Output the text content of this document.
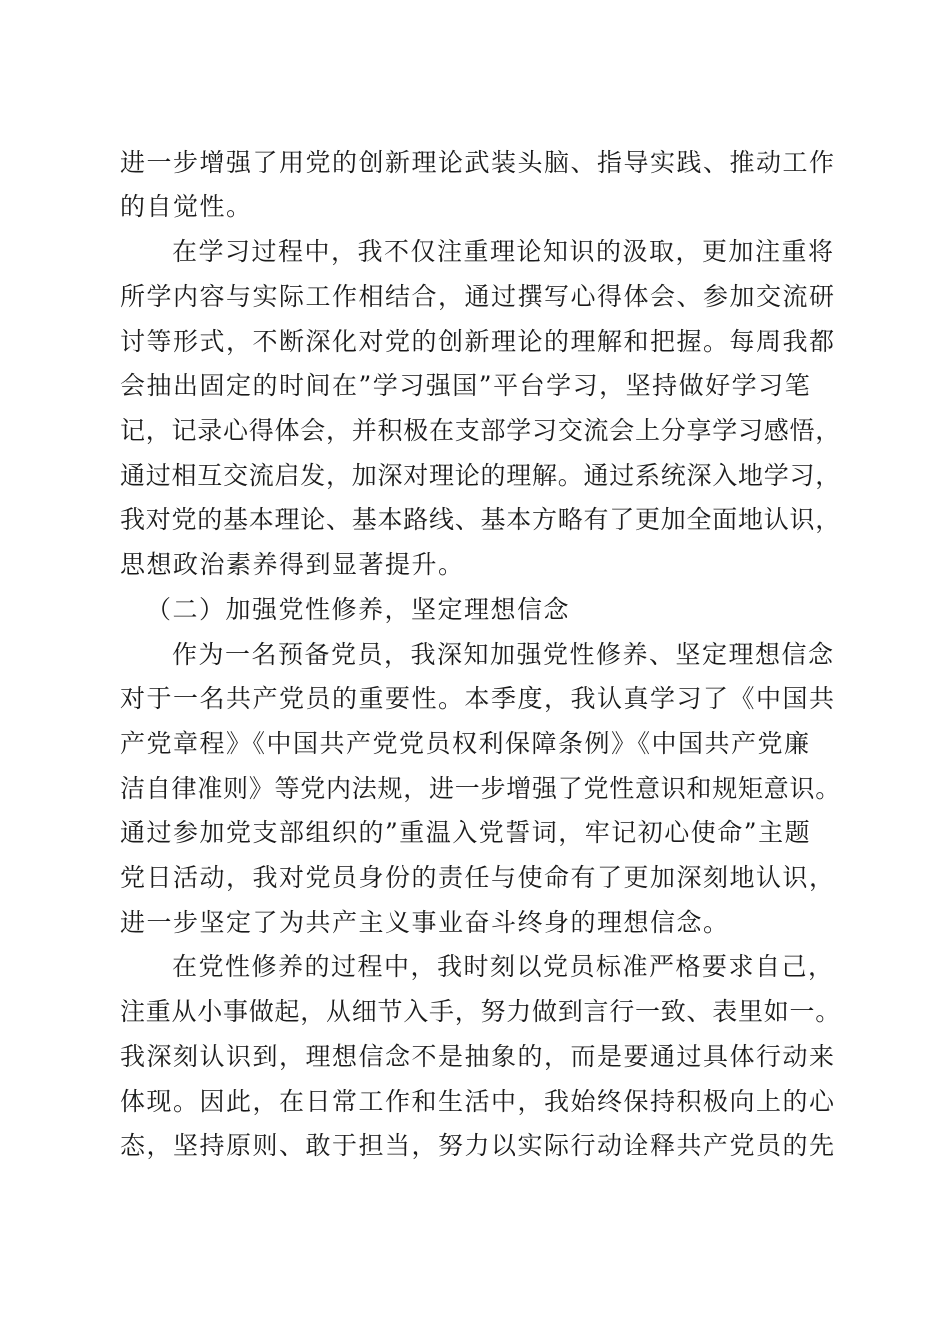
进一步增强了用党的创新理论武装头脑、指导实践、推动工作
的自觉性。
在学习过程中，我不仅注重理论知识的汲取，更加注重将
所学内容与实际工作相结合，通过撰写心得体会、参加交流研
讨等形式，不断深化对党的创新理论的理解和把握。每周我都
会抽出固定的时间在”学习强国”平台学习，坚持做好学习笔
记，记录心得体会，并积极在支部学习交流会上分享学习感悟，
通过相互交流启发，加深对理论的理解。通过系统深入地学习，
我对党的基本理论、基本路线、基本方略有了更加全面地认识，
思想政治素养得到显著提升。
（二）加强党性修养，坚定理想信念
作为一名预备党员，我深知加强党性修养、坚定理想信念
对于一名共产党员的重要性。本季度，我认真学习了《中国共
产党章程》《中国共产党党员权利保障条例》《中国共产党廉
洁自律准则》等党内法规，进一步增强了党性意识和规矩意识。
通过参加党支部组织的”重温入党誓词，牢记初心使命”主题
党日活动，我对党员身份的责任与使命有了更加深刻地认识，
进一步坚定了为共产主义事业奋斗终身的理想信念。
在党性修养的过程中，我时刻以党员标准严格要求自己，
注重从小事做起，从细节入手，努力做到言行一致、表里如一。
我深刻认识到，理想信念不是抽象的，而是要通过具体行动来
体现。因此，在日常工作和生活中，我始终保持积极向上的心
态，坚持原则、敢于担当，努力以实际行动诠释共产党员的先
